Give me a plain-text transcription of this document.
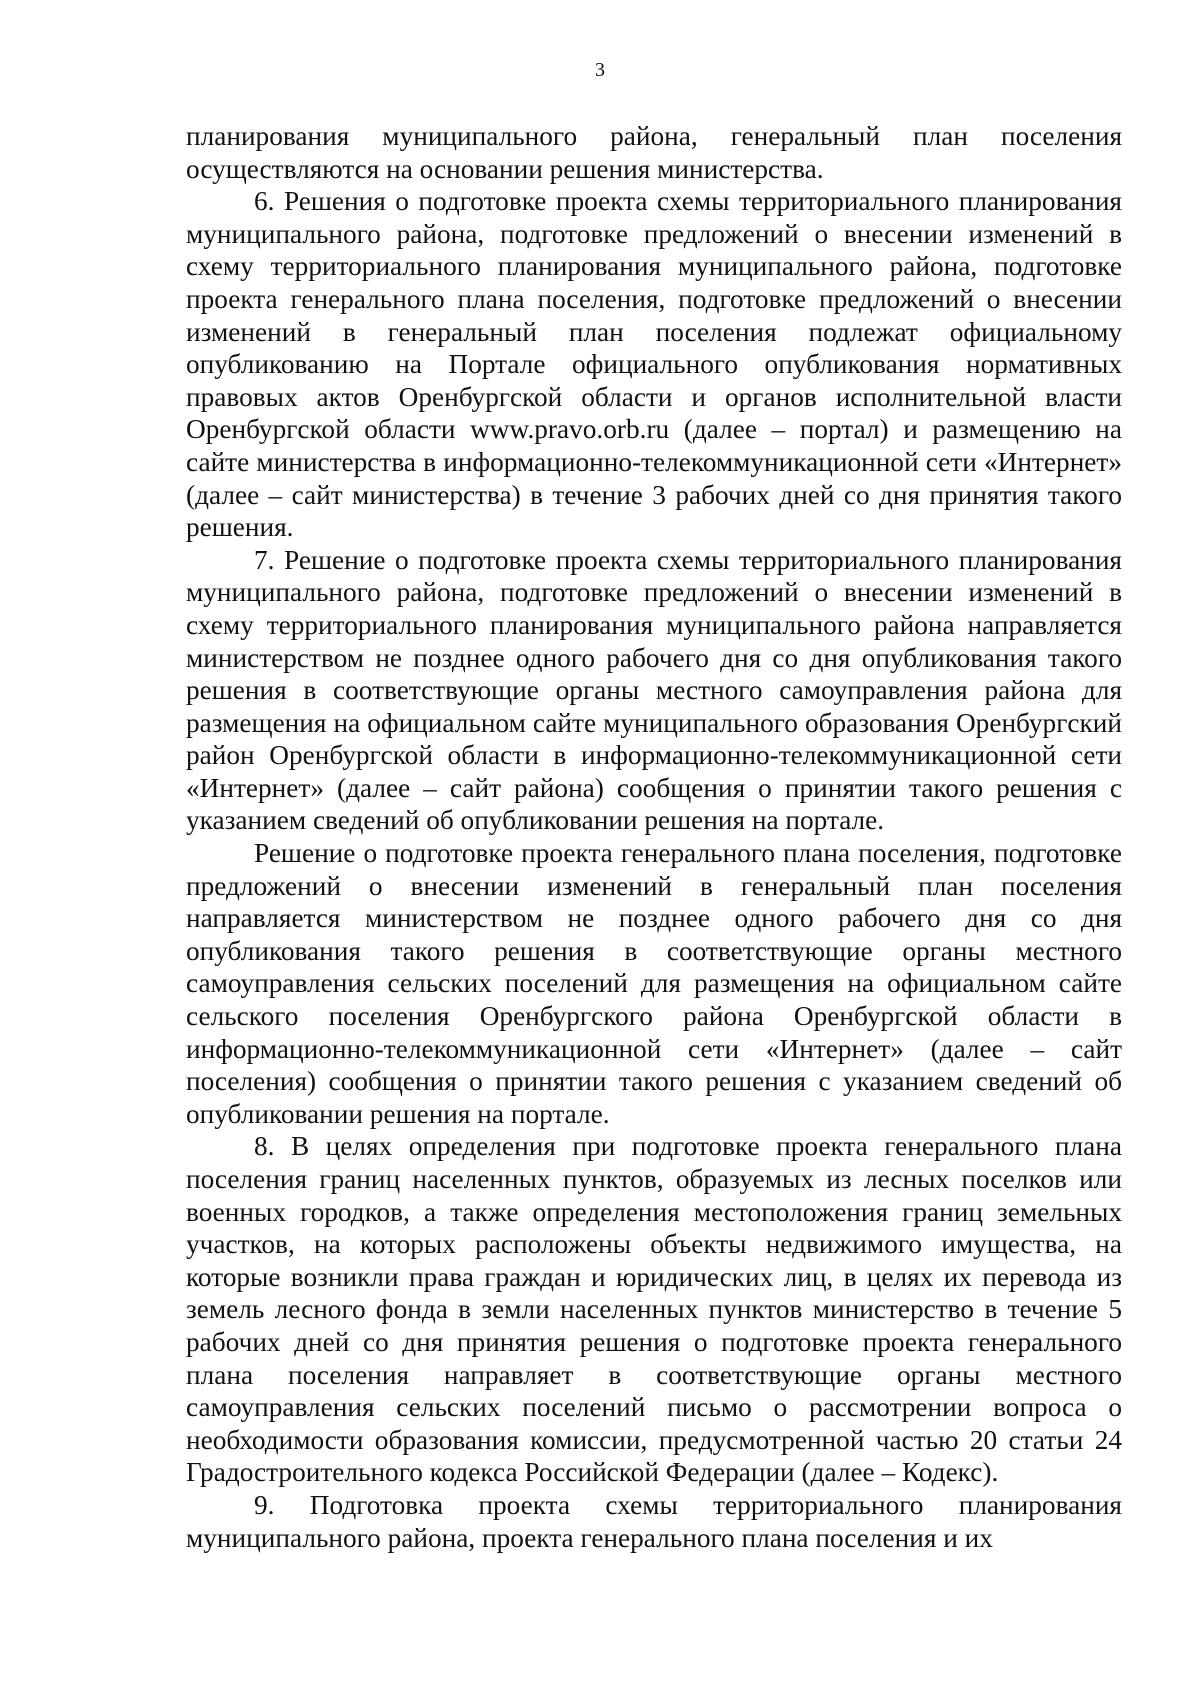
3

планирования муниципального района, генеральный план поселения осуществляются на основании решения министерства.

6. Решения о подготовке проекта схемы территориального планирования муниципального района, подготовке предложений о внесении изменений в схему территориального планирования муниципального района, подготовке проекта генерального плана поселения, подготовке предложений о внесении изменений в генеральный план поселения подлежат официальному опубликованию на Портале официального опубликования нормативных правовых актов Оренбургской области и органов исполнительной власти Оренбургской области www.pravo.orb.ru (далее – портал) и размещению на сайте министерства в информационно-телекоммуникационной сети «Интернет» (далее – сайт министерства) в течение 3 рабочих дней со дня принятия такого решения.

7. Решение о подготовке проекта схемы территориального планирования муниципального района, подготовке предложений о внесении изменений в схему территориального планирования муниципального района направляется министерством не позднее одного рабочего дня со дня опубликования такого решения в соответствующие органы местного самоуправления района для размещения на официальном сайте муниципального образования Оренбургский район Оренбургской области в информационно-телекоммуникационной сети «Интернет» (далее – сайт района) сообщения о принятии такого решения с указанием сведений об опубликовании решения на портале.

Решение о подготовке проекта генерального плана поселения, подготовке предложений о внесении изменений в генеральный план поселения направляется министерством не позднее одного рабочего дня со дня опубликования такого решения в соответствующие органы местного самоуправления сельских поселений для размещения на официальном сайте сельского поселения Оренбургского района Оренбургской области в информационно-телекоммуникационной сети «Интернет» (далее – сайт поселения) сообщения о принятии такого решения с указанием сведений об опубликовании решения на портале.

8. В целях определения при подготовке проекта генерального плана поселения границ населенных пунктов, образуемых из лесных поселков или военных городков, а также определения местоположения границ земельных участков, на которых расположены объекты недвижимого имущества, на которые возникли права граждан и юридических лиц, в целях их перевода из земель лесного фонда в земли населенных пунктов министерство в течение 5 рабочих дней со дня принятия решения о подготовке проекта генерального плана поселения направляет в соответствующие органы местного самоуправления сельских поселений письмо о рассмотрении вопроса о необходимости образования комиссии, предусмотренной частью 20 статьи 24 Градостроительного кодекса Российской Федерации (далее – Кодекс).

9. Подготовка проекта схемы территориального планирования муниципального района, проекта генерального плана поселения и их
